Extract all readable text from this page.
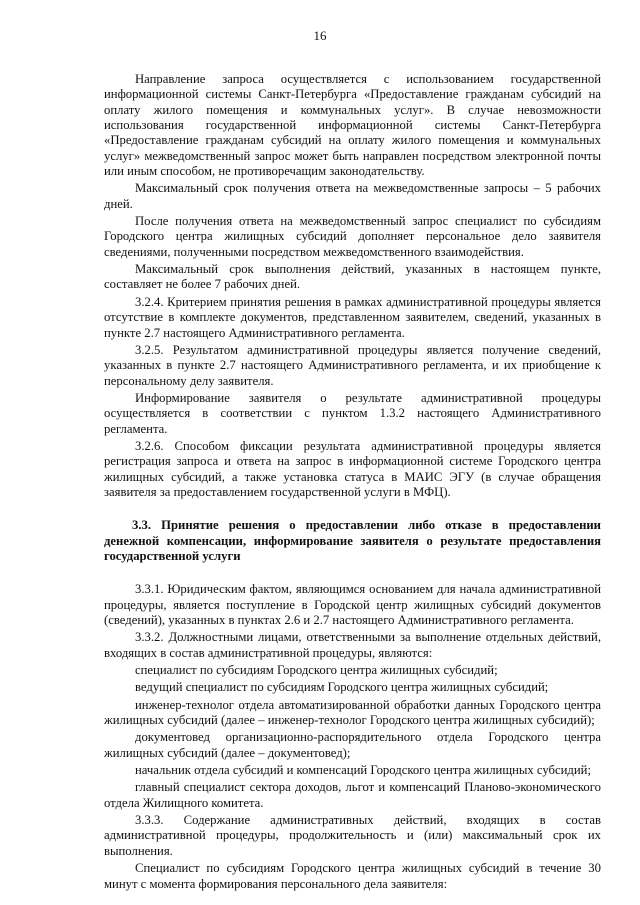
16

Направление запроса осуществляется с использованием государственной информационной системы Санкт-Петербурга «Предоставление гражданам субсидий на оплату жилого помещения и коммунальных услуг». В случае невозможности использования государственной информационной системы Санкт-Петербурга «Предоставление гражданам субсидий на оплату жилого помещения и коммунальных услуг» межведомственный запрос может быть направлен посредством электронной почты или иным способом, не противоречащим законодательству.

Максимальный срок получения ответа на межведомственные запросы – 5 рабочих дней.

После получения ответа на межведомственный запрос специалист по субсидиям Городского центра жилищных субсидий дополняет персональное дело заявителя сведениями, полученными посредством межведомственного взаимодействия.

Максимальный срок выполнения действий, указанных в настоящем пункте, составляет не более 7 рабочих дней.

3.2.4. Критерием принятия решения в рамках административной процедуры является отсутствие в комплекте документов, представленном заявителем, сведений, указанных в пункте 2.7 настоящего Административного регламента.

3.2.5. Результатом административной процедуры является получение сведений, указанных в пункте 2.7 настоящего Административного регламента, и их приобщение к персональному делу заявителя.

Информирование заявителя о результате административной процедуры осуществляется в соответствии с пунктом 1.3.2 настоящего Административного регламента.

3.2.6. Способом фиксации результата административной процедуры является регистрация запроса и ответа на запрос в информационной системе Городского центра жилищных субсидий, а также установка статуса в МАИС ЭГУ (в случае обращения заявителя за предоставлением государственной услуги в МФЦ).

3.3. Принятие решения о предоставлении либо отказе в предоставлении денежной компенсации, информирование заявителя о результате предоставления государственной услуги

3.3.1. Юридическим фактом, являющимся основанием для начала административной процедуры, является поступление в Городской центр жилищных субсидий документов (сведений), указанных в пунктах 2.6 и 2.7 настоящего Административного регламента.

3.3.2. Должностными лицами, ответственными за выполнение отдельных действий, входящих в состав административной процедуры, являются:

специалист по субсидиям Городского центра жилищных субсидий;

ведущий специалист по субсидиям Городского центра жилищных субсидий;

инженер-технолог отдела автоматизированной обработки данных Городского центра жилищных субсидий (далее – инженер-технолог Городского центра жилищных субсидий);

документовед организационно-распорядительного отдела Городского центра жилищных субсидий (далее – документовед);

начальник отдела субсидий и компенсаций Городского центра жилищных субсидий;

главный специалист сектора доходов, льгот и компенсаций Планово-экономического отдела Жилищного комитета.

3.3.3. Содержание административных действий, входящих в состав административной процедуры, продолжительность и (или) максимальный срок их выполнения.

Специалист по субсидиям Городского центра жилищных субсидий в течение 30 минут с момента формирования персонального дела заявителя:
